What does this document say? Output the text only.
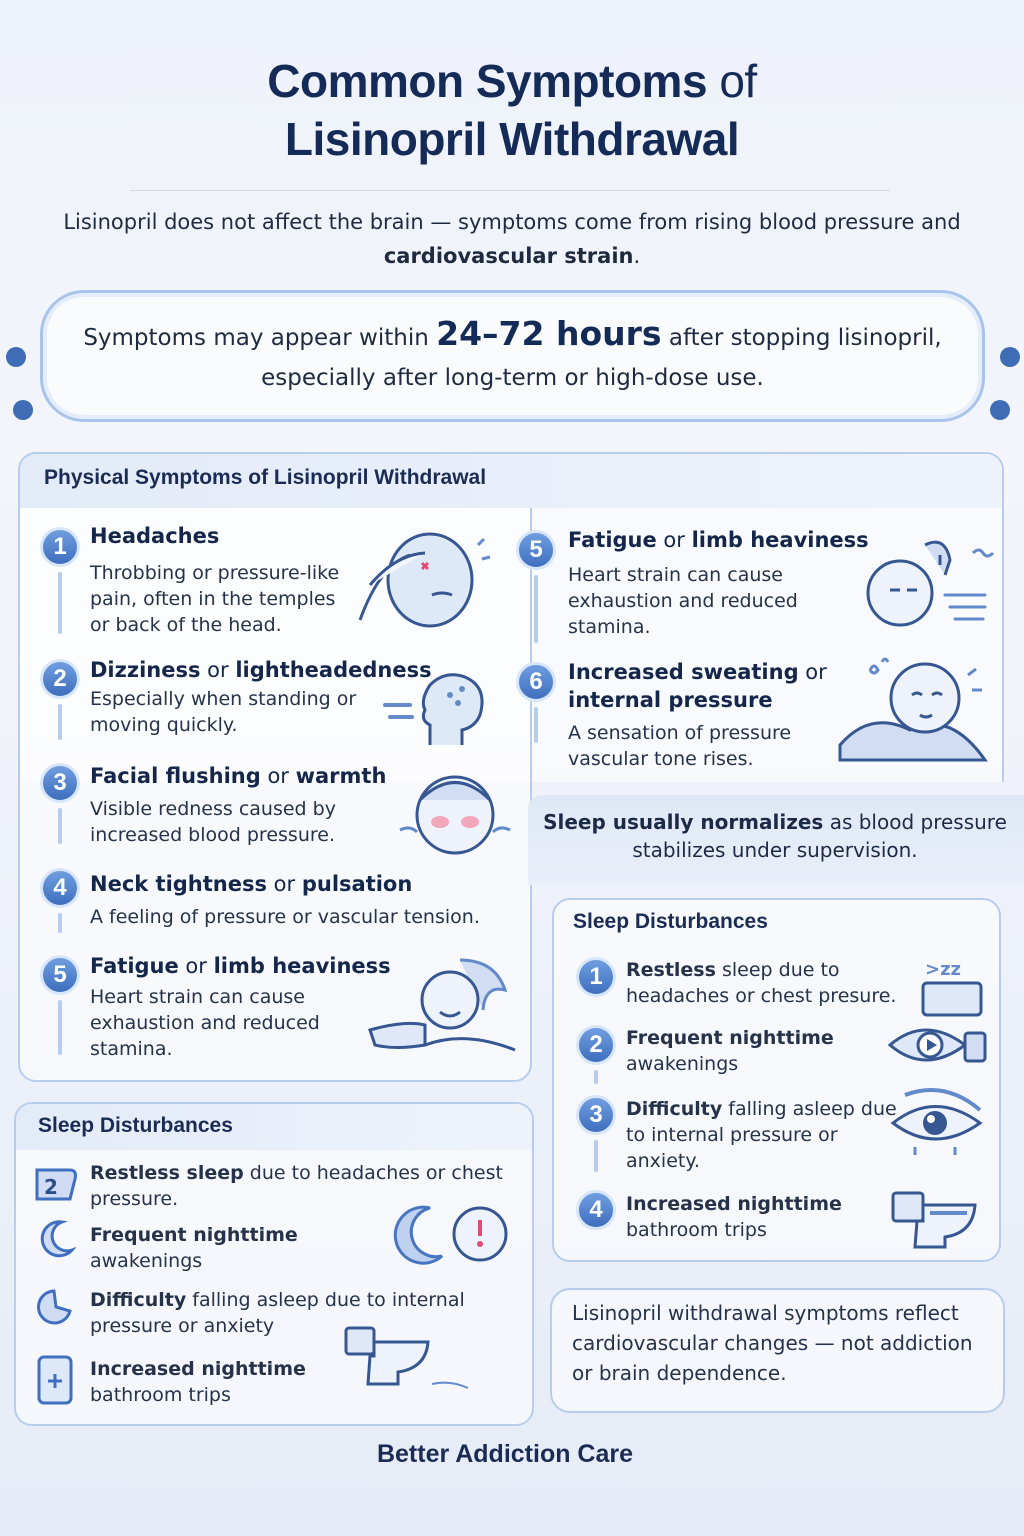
Common Symptoms of
Lisinopril Withdrawal
Lisinopril does not affect the brain — symptoms come from rising blood pressure and cardiovascular strain.
Symptoms may appear within 24–72 hours after stopping lisinopril, especially after long-term or high-dose use.
Physical Symptoms of Lisinopril Withdrawal
1	Headaches
Throbbing or pressure-like pain, often in the temples or back of the head.
2	Dizziness or lightheadedness
Especially when standing or moving quickly.
3	Facial flushing or warmth
Visible redness caused by increased blood pressure.
4	Neck tightness or pulsation
A feeling of pressure or vascular tension.
5	Fatigue or limb heaviness
Heart strain can cause exhaustion and reduced stamina.
5	Fatigue or limb heaviness
Heart strain can cause exhaustion and reduced stamina.
6	Increased sweating or internal pressure
A sensation of pressure vascular tone rises.
Sleep usually normalizes as blood pressure stabilizes under supervision.
Sleep Disturbances
1	Restless sleep due to headaches or chest presure.
>zz
2	Frequent nighttime awakenings
3	Difficulty falling asleep due to internal pressure or anxiety.
4	Increased nighttime bathroom trips
Sleep Disturbances
2
Restless sleep due to headaches or chest pressure.
Frequent nighttime awakenings
Difficulty falling asleep due to internal pressure or anxiety
Increased nighttime bathroom trips
Lisinopril withdrawal symptoms reflect cardiovascular changes — not addiction or brain dependence.
Better Addiction Care
